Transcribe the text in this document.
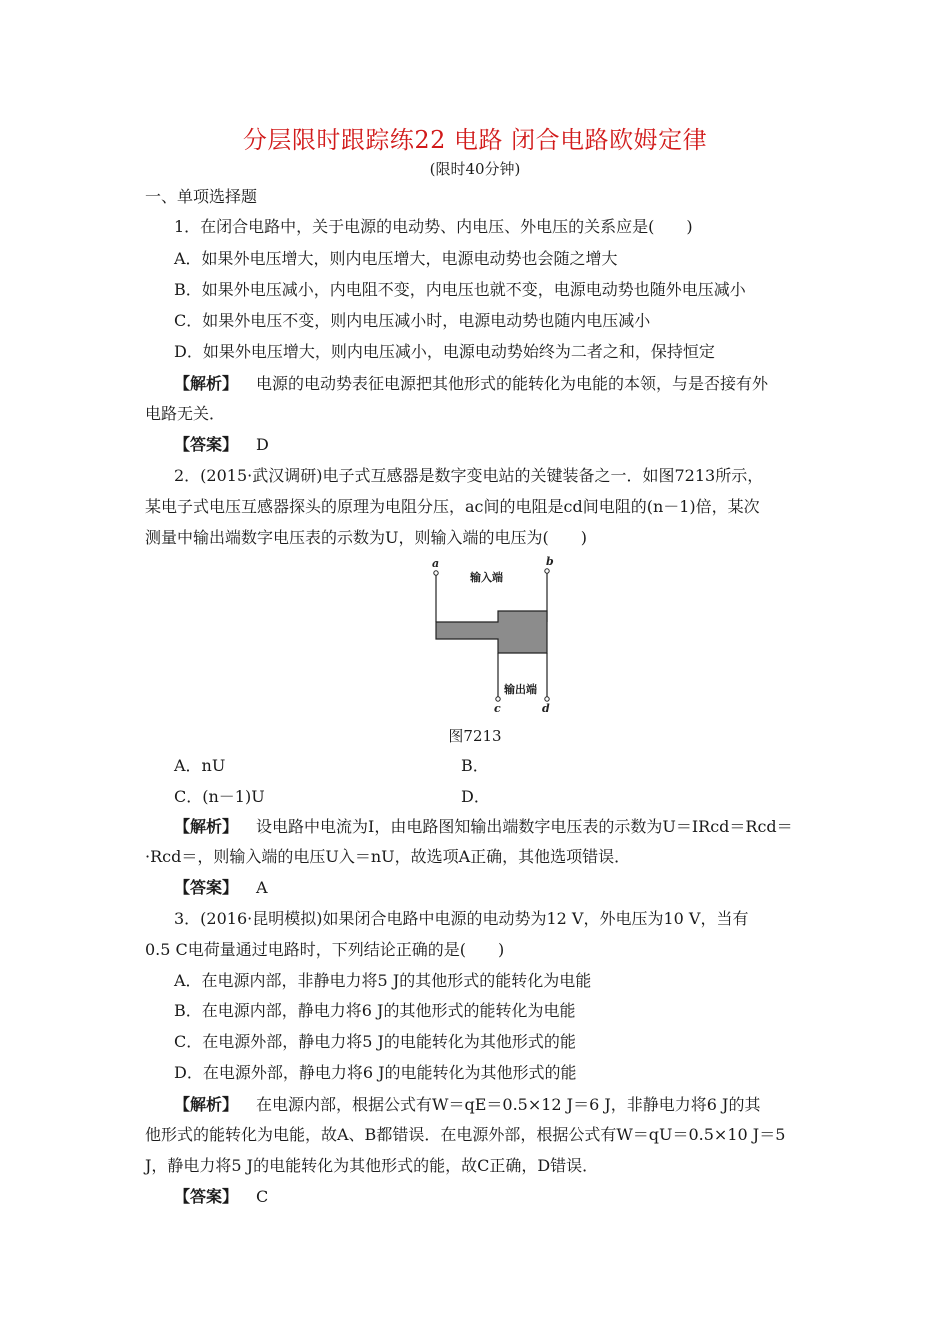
分层限时跟踪练22 电路 闭合电路欧姆定律
(限时40分钟)
一、单项选择题
1．在闭合电路中，关于电源的电动势、内电压、外电压的关系应是(　　)
A．如果外电压增大，则内电压增大，电源电动势也会随之增大
B．如果外电压减小，内电阻不变，内电压也就不变，电源电动势也随外电压减小
C．如果外电压不变，则内电压减小时，电源电动势也随内电压减小
D．如果外电压增大，则内电压减小，电源电动势始终为二者之和，保持恒定
【解析】 电源的电动势表征电源把其他形式的能转化为电能的本领，与是否接有外
电路无关．
【答案】 D
2．(2015·武汉调研)电子式互感器是数字变电站的关键装备之一．如图7213所示，
某电子式电压互感器探头的原理为电阻分压，ac间的电阻是cd间电阻的(n－1)倍，某次
测量中输出端数字电压表的示数为U，则输入端的电压为(　　)
a	b
c	d
输入端
输出端
图7213
A．nU	B．
C．(n－1)U	D．
【解析】 设电路中电流为I，由电路图知输出端数字电压表的示数为U＝IRcd＝Rcd＝
·Rcd＝，则输入端的电压U入＝nU，故选项A正确，其他选项错误．
【答案】 A
3．(2016·昆明模拟)如果闭合电路中电源的电动势为12 V，外电压为10 V，当有
0.5 C电荷量通过电路时，下列结论正确的是(　　)
A．在电源内部，非静电力将5 J的其他形式的能转化为电能
B．在电源内部，静电力将6 J的其他形式的能转化为电能
C．在电源外部，静电力将5 J的电能转化为其他形式的能
D．在电源外部，静电力将6 J的电能转化为其他形式的能
【解析】 在电源内部，根据公式有W＝qE＝0.5×12 J＝6 J，非静电力将6 J的其
他形式的能转化为电能，故A、B都错误．在电源外部，根据公式有W＝qU＝0.5×10 J＝5
J，静电力将5 J的电能转化为其他形式的能，故C正确，D错误．
【答案】 C
